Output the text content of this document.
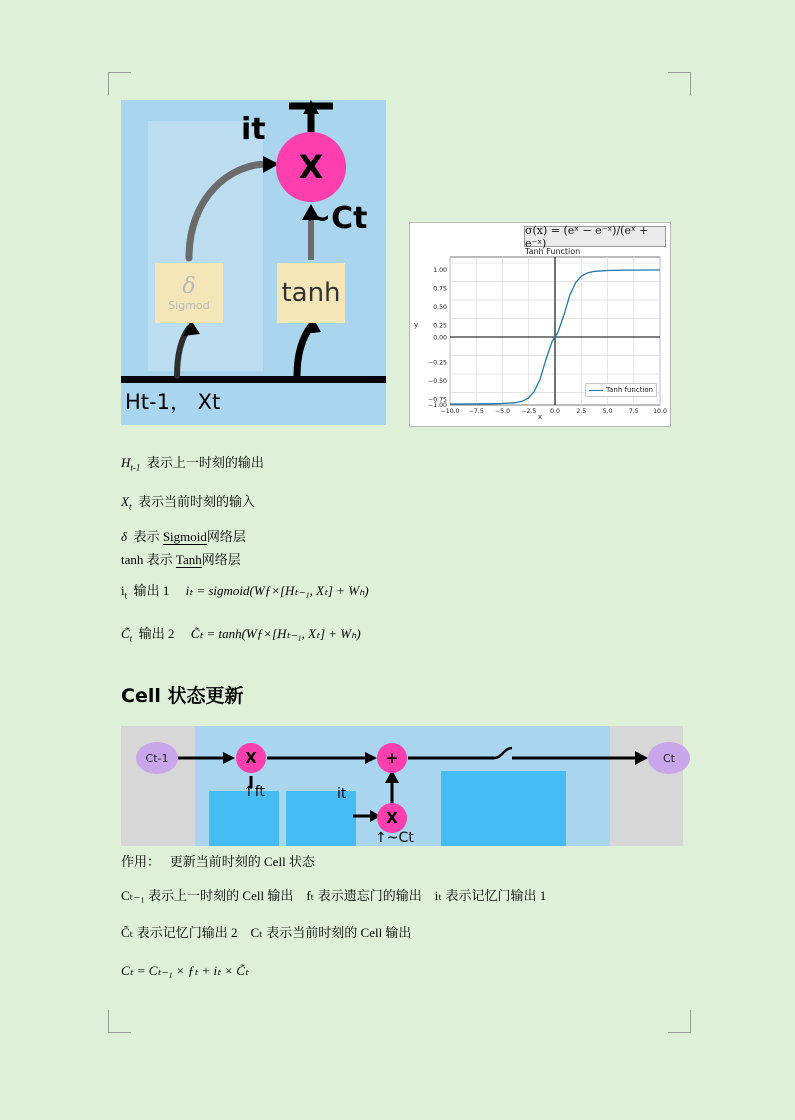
it
X
~Ct
δ
Sigmod	tanh
Ht-1， Xt
σ(x) = (eˣ − e⁻ˣ)/(eˣ + e⁻ˣ)
Tanh Function
y
x
−10.0 −7.5 −5.0 −2.5 0.0	2.5	5.0	7.5 10.0
1.00
0.75
0.50
0.25
0.00
−0.25
−0.50
−0.75
−1.00
Tanh function
$H_{t-1}$ 表示上一时刻的输出
$X_t$ 表示当前时刻的输入
δ 表示 Sigmoid网络层
tanh 表示 Tanh网络层
$i_t$ 输出 1 iₜ = sigmoid(Wƒ×[Hₜ₋₁, Xₜ] + Wₕ)
$C̃_t$ 输出 2 C̃ₜ = tanh(Wƒ×[Hₜ₋₁, Xₜ] + Wₕ)
Cell 状态更新
Ct-1	Ct
X	+
X
↑ft	it
↑~Ct
作用： 更新当前时刻的 Cell 状态
Cₜ₋₁ 表示上一时刻的 Cell 输出 fₜ 表示遗忘门的输出 iₜ 表示记忆门输出 1
C̃ₜ 表示记忆门输出 2 Cₜ 表示当前时刻的 Cell 输出
Cₜ = Cₜ₋₁ × ƒₜ + iₜ × C̃ₜ
